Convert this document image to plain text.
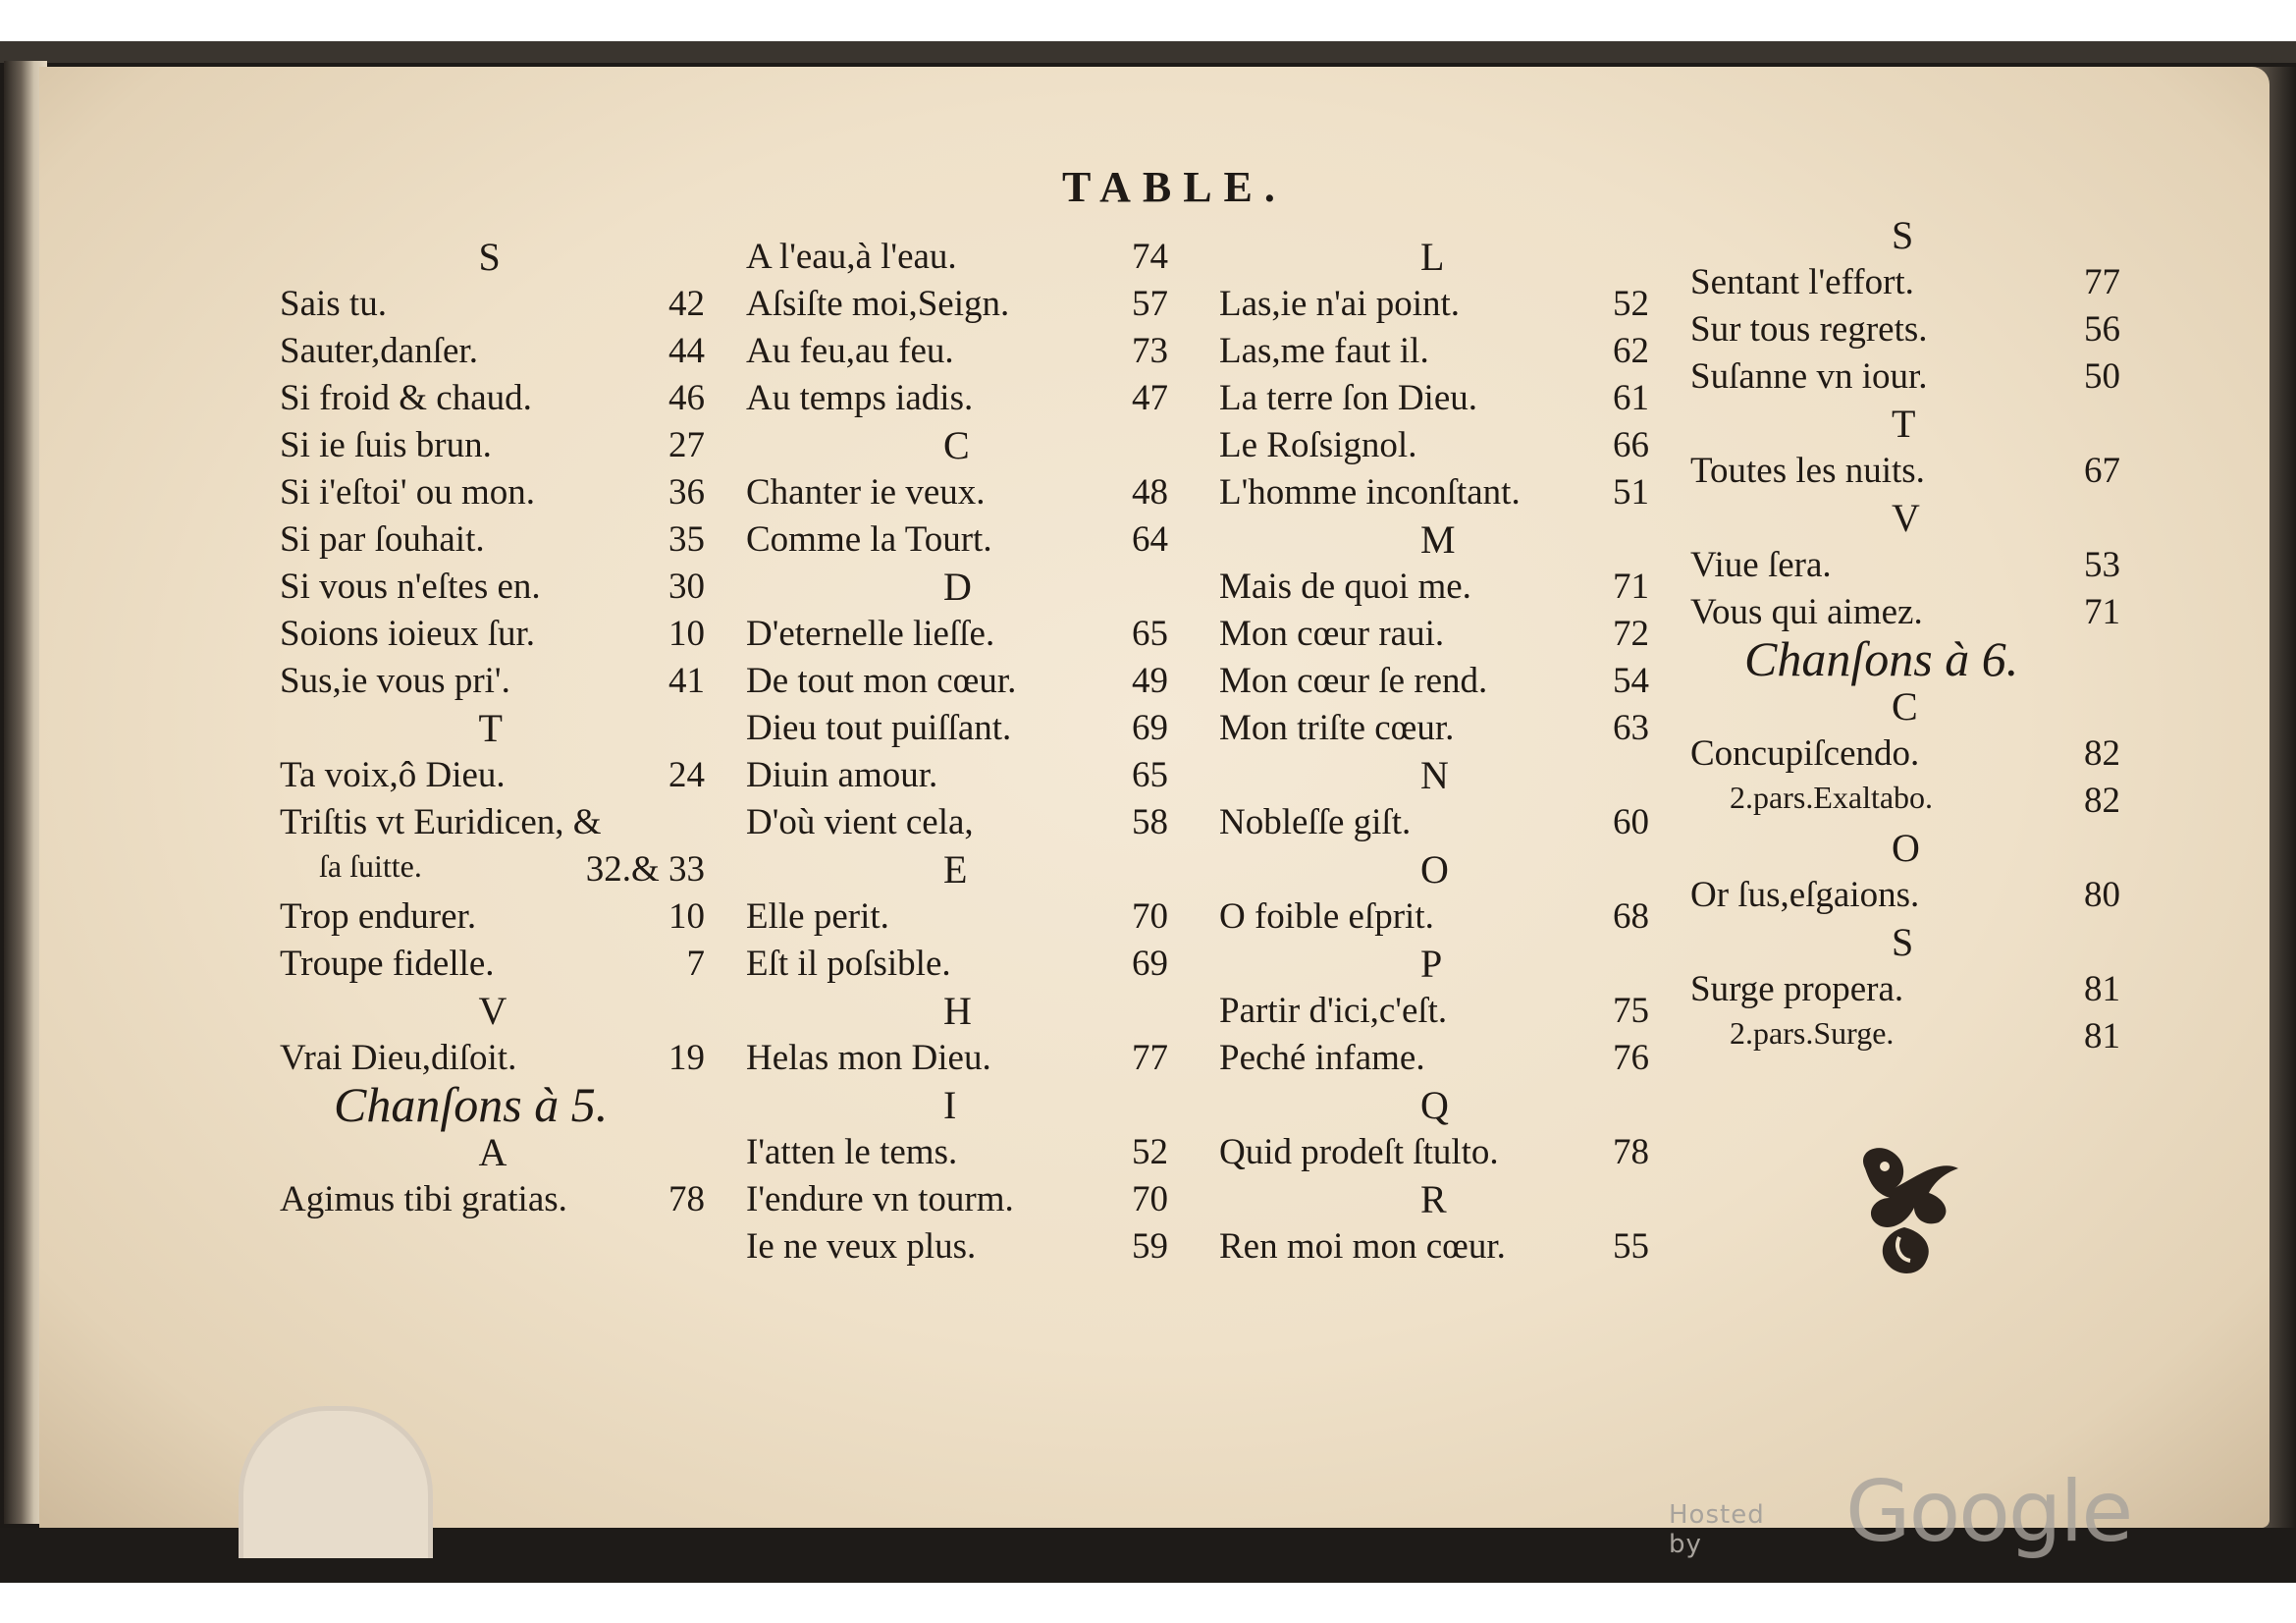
TABLE.
Hosted by	Google
S
Sais tu.	42
Sauter,danſer.	44
Si froid & chaud.	46
Si ie ſuis brun.	27
Si i'eſtoi' ou mon.	36
Si par ſouhait.	35
Si vous n'eſtes en.	30
Soions ioieux ſur.	10
Sus,ie vous pri'.	41
T
Ta voix,ô Dieu.	24
Triſtis vt Euridicen, &
ſa ſuitte.	32.& 33
Trop endurer.	10
Troupe fidelle.	7
V
Vrai Dieu,diſoit.	19
Chanſons à 5.
A
Agimus tibi gratias.	78
A l'eau,à l'eau.	74
Aſsiſte moi,Seign.	57
Au feu,au feu.	73
Au temps iadis.	47
C
Chanter ie veux.	48
Comme la Tourt.	64
D
D'eternelle lieſſe.	65
De tout mon cœur.	49
Dieu tout puiſſant.	69
Diuin amour.	65
D'où vient cela,	58
E
Elle perit.	70
Eſt il poſsible.	69
H
Helas mon Dieu.	77
I
I'atten le tems.	52
I'endure vn tourm.	70
Ie ne veux plus.	59
L
Las,ie n'ai point.	52
Las,me faut il.	62
La terre ſon Dieu.	61
Le Roſsignol.	66
L'homme inconſtant.	51
M
Mais de quoi me.	71
Mon cœur raui.	72
Mon cœur ſe rend.	54
Mon triſte cœur.	63
N
Nobleſſe giſt.	60
O
O foible eſprit.	68
P
Partir d'ici,c'eſt.	75
Peché infame.	76
Q
Quid prodeſt ſtulto.	78
R
Ren moi mon cœur.	55
S
Sentant l'effort.	77
Sur tous regrets.	56
Suſanne vn iour.	50
T
Toutes les nuits.	67
V
Viue ſera.	53
Vous qui aimez.	71
Chanſons à 6.
C
Concupiſcendo.	82
2.pars.Exaltabo.	82
O
Or ſus,eſgaions.	80
S
Surge propera.	81
2.pars.Surge.	81
